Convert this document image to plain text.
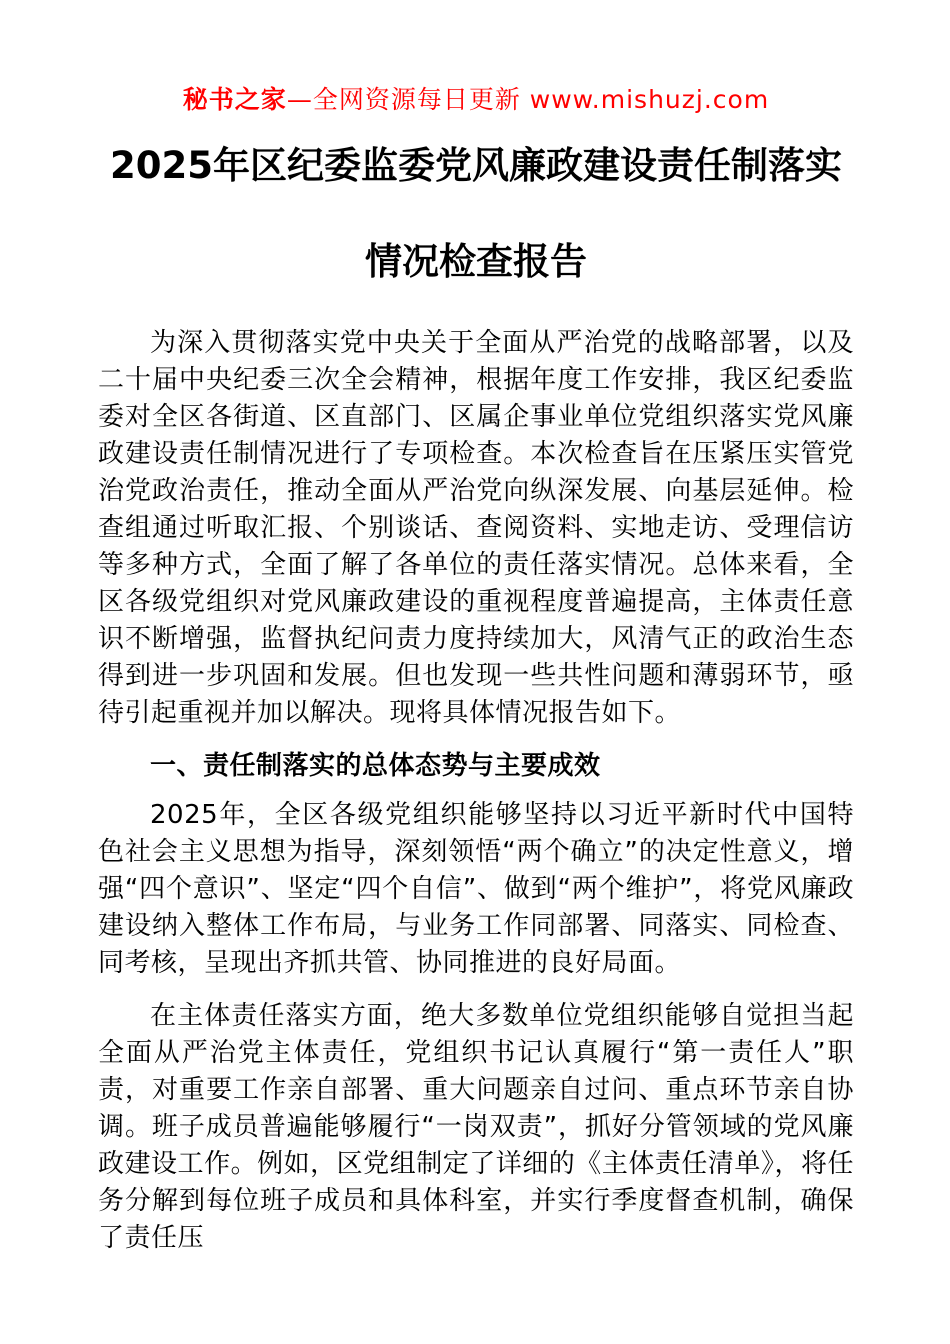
秘书之家—全网资源每日更新 www.mishuzj.com
2025年区纪委监委党风廉政建设责任制落实
情况检查报告

为深入贯彻落实党中央关于全面从严治党的战略部署，以及二十届中央纪委三次全会精神，根据年度工作安排，我区纪委监委对全区各街道、区直部门、区属企事业单位党组织落实党风廉政建设责任制情况进行了专项检查。本次检查旨在压紧压实管党治党政治责任，推动全面从严治党向纵深发展、向基层延伸。检查组通过听取汇报、个别谈话、查阅资料、实地走访、受理信访等多种方式，全面了解了各单位的责任落实情况。总体来看，全区各级党组织对党风廉政建设的重视程度普遍提高，主体责任意识不断增强，监督执纪问责力度持续加大，风清气正的政治生态得到进一步巩固和发展。但也发现一些共性问题和薄弱环节，亟待引起重视并加以解决。现将具体情况报告如下。

一、责任制落实的总体态势与主要成效

2025年，全区各级党组织能够坚持以习近平新时代中国特色社会主义思想为指导，深刻领悟“两个确立”的决定性意义，增强“四个意识”、坚定“四个自信”、做到“两个维护”，将党风廉政建设纳入整体工作布局，与业务工作同部署、同落实、同检查、同考核，呈现出齐抓共管、协同推进的良好局面。

在主体责任落实方面，绝大多数单位党组织能够自觉担当起全面从严治党主体责任，党组织书记认真履行“第一责任人”职责，对重要工作亲自部署、重大问题亲自过问、重点环节亲自协调。班子成员普遍能够履行“一岗双责”，抓好分管领域的党风廉政建设工作。例如，区党组制定了详细的《主体责任清单》，将任务分解到每位班子成员和具体科室，并实行季度督查机制，确保了责任压
